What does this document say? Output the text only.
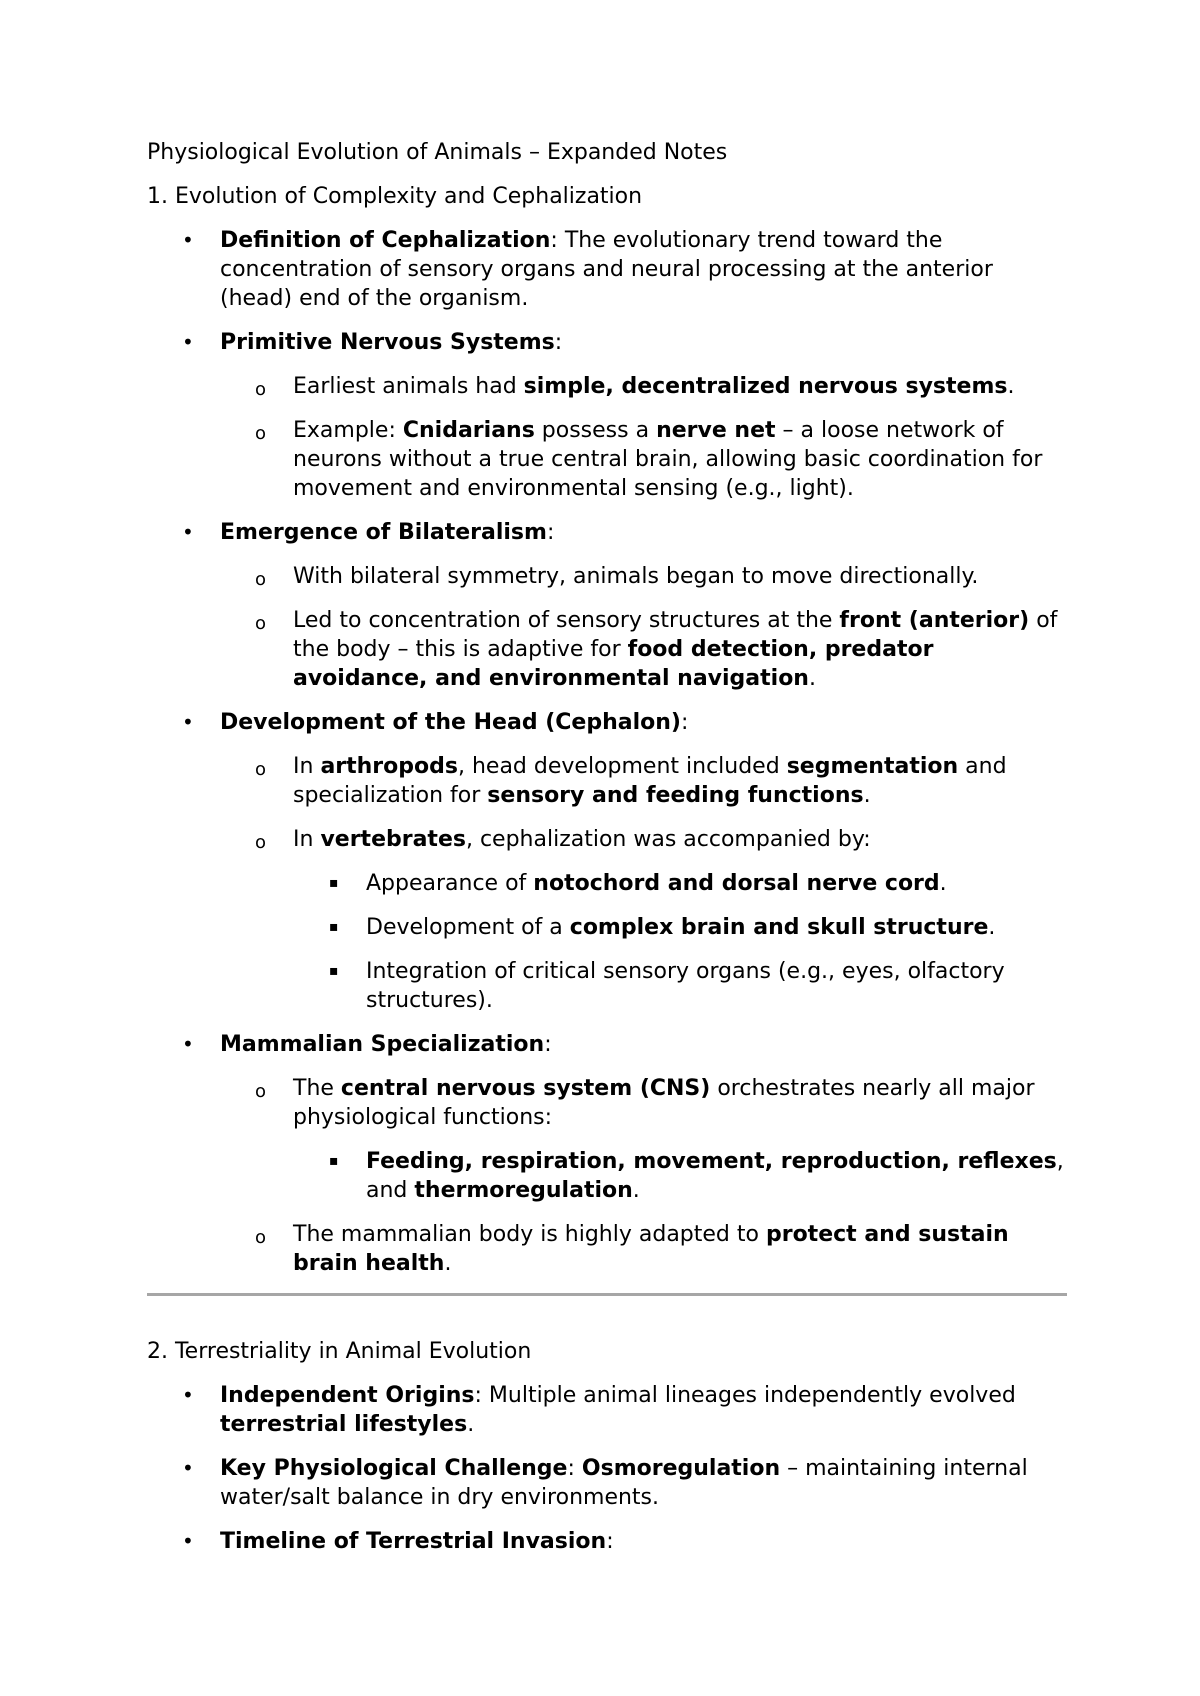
Physiological Evolution of Animals – Expanded Notes
1. Evolution of Complexity and Cephalization
• Definition of Cephalization: The evolutionary trend toward the concentration of sensory organs and neural processing at the anterior (head) end of the organism.
• Primitive Nervous Systems:
o Earliest animals had simple, decentralized nervous systems.
o Example: Cnidarians possess a nerve net – a loose network of neurons without a true central brain, allowing basic coordination for movement and environmental sensing (e.g., light).
• Emergence of Bilateralism:
o With bilateral symmetry, animals began to move directionally.
o Led to concentration of sensory structures at the front (anterior) of the body – this is adaptive for food detection, predator avoidance, and environmental navigation.
• Development of the Head (Cephalon):
o In arthropods, head development included segmentation and specialization for sensory and feeding functions.
o In vertebrates, cephalization was accompanied by:
▪ Appearance of notochord and dorsal nerve cord.
▪ Development of a complex brain and skull structure.
▪ Integration of critical sensory organs (e.g., eyes, olfactory structures).
• Mammalian Specialization:
o The central nervous system (CNS) orchestrates nearly all major physiological functions:
▪ Feeding, respiration, movement, reproduction, reflexes, and thermoregulation.
o The mammalian body is highly adapted to protect and sustain brain health.
2. Terrestriality in Animal Evolution
• Independent Origins: Multiple animal lineages independently evolved terrestrial lifestyles.
• Key Physiological Challenge: Osmoregulation – maintaining internal water/salt balance in dry environments.
• Timeline of Terrestrial Invasion:
